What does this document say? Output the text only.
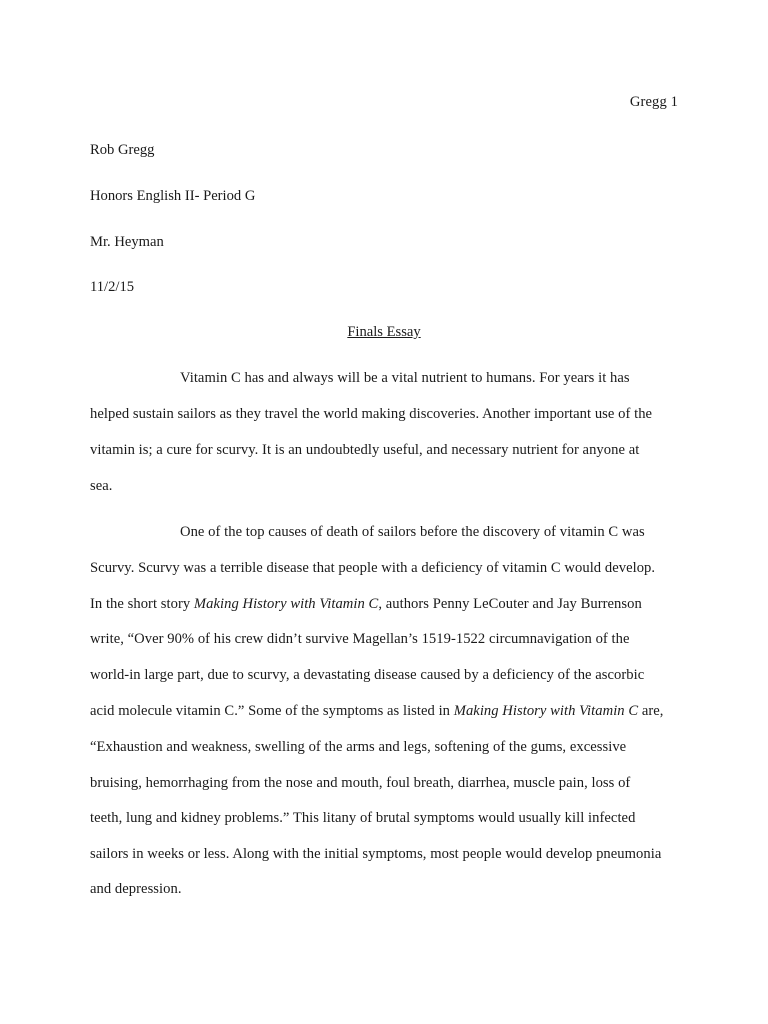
Gregg 1
Rob Gregg
Honors English II- Period G
Mr. Heyman
11/2/15
Finals Essay
Vitamin C has and always will be a vital nutrient to humans. For years it has
helped sustain sailors as they travel the world making discoveries. Another important use of the
vitamin is; a cure for scurvy. It is an undoubtedly useful, and necessary nutrient for anyone at
sea.
One of the top causes of death of sailors before the discovery of vitamin C was
Scurvy. Scurvy was a terrible disease that people with a deficiency of vitamin C would develop.
In the short story Making History with Vitamin C, authors Penny LeCouter and Jay Burrenson
write, “Over 90% of his crew didn’t survive Magellan’s 1519-1522 circumnavigation of the
world-in large part, due to scurvy, a devastating disease caused by a deficiency of the ascorbic
acid molecule vitamin C.” Some of the symptoms as listed in Making History with Vitamin C are,
“Exhaustion and weakness, swelling of the arms and legs, softening of the gums, excessive
bruising, hemorrhaging from the nose and mouth, foul breath, diarrhea, muscle pain, loss of
teeth, lung and kidney problems.” This litany of brutal symptoms would usually kill infected
sailors in weeks or less. Along with the initial symptoms, most people would develop pneumonia
and depression.
